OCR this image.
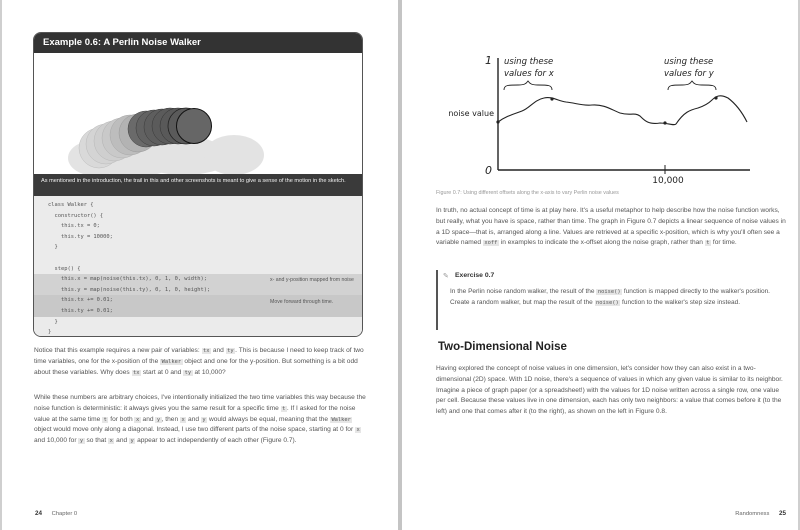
Example 0.6: A Perlin Noise Walker
As mentioned in the introduction, the trail in this and other screenshots is meant to give a sense of the motion in the sketch.
class Walker {
constructor() {
this.tx = 0;
this.ty = 10000;
}
step() {
this.x = map(noise(this.tx), 0, 1, 0, width);
this.y = map(noise(this.ty), 0, 1, 0, height);
this.tx += 0.01;
this.ty += 0.01;
}
}
x- and y-position mapped from noise
Move forward through time.

Notice that this example requires a new pair of variables: tx and ty . This is because I need to keep track of two time variables, one for the x-position of the Walker object and one for the y-position. But something is a bit odd about these variables. Why does tx start at 0 and ty at 10,000?

While these numbers are arbitrary choices, I've intentionally initialized the two time variables this way because the noise function is deterministic: it always gives you the same result for a specific time t . If I asked for the noise value at the same time t for both x and y , then x and y would always be equal, meaning that the Walker object would move only along a diagonal. Instead, I use two different parts of the noise space, starting at 0 for x and 10,000 for y so that x and y appear to act independently of each other (Figure 0.7).

24 Chapter 0
1
0
noise value
10,000
using these
values for x
using these
values for y
Figure 0.7: Using different offsets along the x-axis to vary Perlin noise values

In truth, no actual concept of time is at play here. It's a useful metaphor to help describe how the noise function works, but really, what you have is space, rather than time. The graph in Figure 0.7 depicts a linear sequence of noise values in a 1D space—that is, arranged along a line. Values are retrieved at a specific x-position, which is why you'll often see a variable named xoff in examples to indicate the x-offset along the noise graph, rather than t for time.

✎ Exercise 0.7
In the Perlin noise random walker, the result of the noise() function is mapped directly to the walker's position. Create a random walker, but map the result of the noise() function to the walker's step size instead.
Two-Dimensional Noise

Having explored the concept of noise values in one dimension, let's consider how they can also exist in a two-dimensional (2D) space. With 1D noise, there's a sequence of values in which any given value is similar to its neighbor. Imagine a piece of graph paper (or a spreadsheet!) with the values for 1D noise written across a single row, one value per cell. Because these values live in one dimension, each has only two neighbors: a value that comes before it (to the left) and one that comes after it (to the right), as shown on the left in Figure 0.8.

Randomness 25
